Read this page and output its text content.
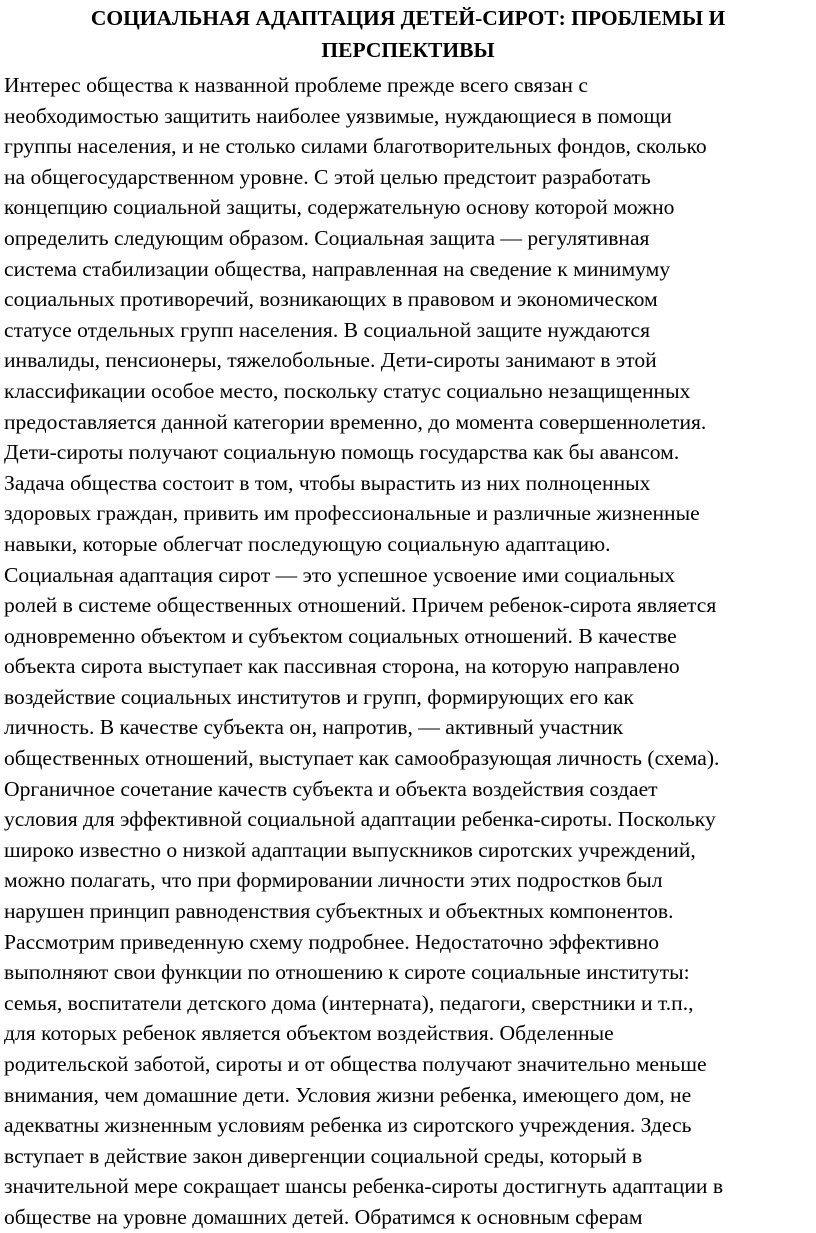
СОЦИАЛЬНАЯ АДАПТАЦИЯ ДЕТЕЙ-СИРОТ: ПРОБЛЕМЫ И
ПЕРСПЕКТИВЫ

Интерес общества к названной проблеме прежде всего связан с
необходимостью защитить наиболее уязвимые, нуждающиеся в помощи
группы населения, и не столько силами благотворительных фондов, сколько
на общегосударственном уровне. С этой целью предстоит разработать
концепцию социальной защиты, содержательную основу которой можно
определить следующим образом. Социальная защита — регулятивная
система стабилизации общества, направленная на сведение к минимуму
социальных противоречий, возникающих в правовом и экономическом
статусе отдельных групп населения. В социальной защите нуждаются
инвалиды, пенсионеры, тяжелобольные. Дети-сироты занимают в этой
классификации особое место, поскольку статус социально незащищенных
предоставляется данной категории временно, до момента совершеннолетия.
Дети-сироты получают социальную помощь государства как бы авансом.
Задача общества состоит в том, чтобы вырастить из них полноценных
здоровых граждан, привить им профессиональные и различные жизненные
навыки, которые облегчат последующую социальную адаптацию.
Социальная адаптация сирот — это успешное усвоение ими социальных
ролей в системе общественных отношений. Причем ребенок-сирота является
одновременно объектом и субъектом социальных отношений. В качестве
объекта сирота выступает как пассивная сторона, на которую направлено
воздействие социальных институтов и групп, формирующих его как
личность. В качестве субъекта он, напротив, — активный участник
общественных отношений, выступает как самообразующая личность (схема).
Органичное сочетание качеств субъекта и объекта воздействия создает
условия для эффективной социальной адаптации ребенка-сироты. Поскольку
широко известно о низкой адаптации выпускников сиротских учреждений,
можно полагать, что при формировании личности этих подростков был
нарушен принцип равноденствия субъектных и объектных компонентов.
Рассмотрим приведенную схему подробнее. Недостаточно эффективно
выполняют свои функции по отношению к сироте социальные институты:
семья, воспитатели детского дома (интерната), педагоги, сверстники и т.п.,
для которых ребенок является объектом воздействия. Обделенные
родительской заботой, сироты и от общества получают значительно меньше
внимания, чем домашние дети. Условия жизни ребенка, имеющего дом, не
адекватны жизненным условиям ребенка из сиротского учреждения. Здесь
вступает в действие закон дивергенции социальной среды, который в
значительной мере сокращает шансы ребенка-сироты достигнуть адаптации в
обществе на уровне домашних детей. Обратимся к основным сферам
